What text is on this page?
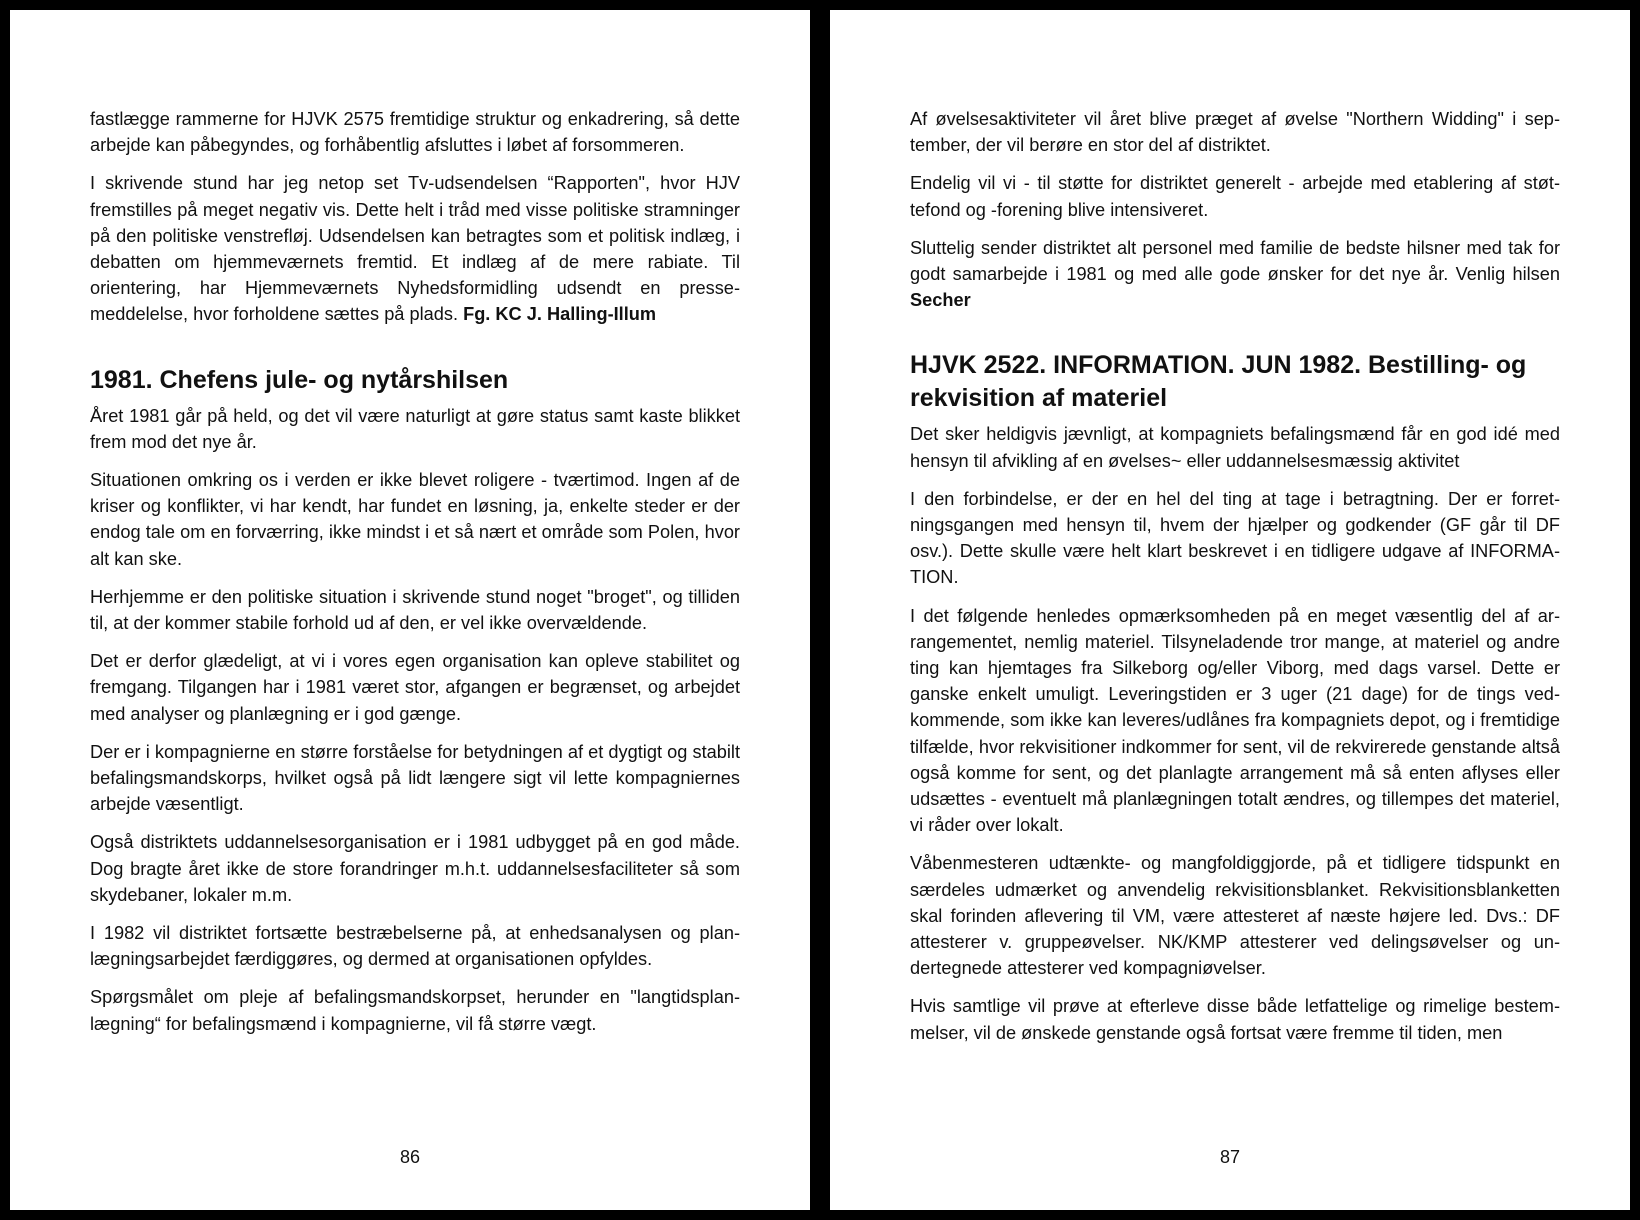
fastlægge rammerne for HJVK 2575 fremtidige struktur og enkadrering, så dette arbejde kan påbegyndes, og forhåbentlig afsluttes i løbet af forsommeren.

I skrivende stund har jeg netop set Tv-udsendelsen “Rapporten", hvor HJV fremstilles på meget negativ vis. Dette helt i tråd med visse politiske stramninger på den politiske venstrefløj. Udsendelsen kan betragtes som et politisk indlæg, i debatten om hjemmeværnets fremtid. Et indlæg af de mere rabiate. Til orientering, har Hjemmeværnets Nyhedsformidling udsendt en pressemeddelelse, hvor forholdene sættes på plads. Fg. KC J. Halling-Illum

1981. Chefens jule- og nytårshilsen

Året 1981 går på held, og det vil være naturligt at gøre status samt kaste blikket frem mod det nye år.

Situationen omkring os i verden er ikke blevet roligere - tværtimod. Ingen af de kriser og konflikter, vi har kendt, har fundet en løsning, ja, enkelte steder er der endog tale om en forværring, ikke mindst i et så nært et område som Polen, hvor alt kan ske.

Herhjemme er den politiske situation i skrivende stund noget "broget", og tilliden til, at der kommer stabile forhold ud af den, er vel ikke overvældende.

Det er derfor glædeligt, at vi i vores egen organisation kan opleve stabilitet og fremgang. Tilgangen har i 1981 været stor, afgangen er begrænset, og arbejdet med analyser og planlægning er i god gænge.

Der er i kompagnierne en større forståelse for betydningen af et dygtigt og stabilt befalingsmandskorps, hvilket også på lidt længere sigt vil lette kompagniernes arbejde væsentligt.

Også distriktets uddannelsesorganisation er i 1981 udbygget på en god måde. Dog bragte året ikke de store forandringer m.h.t. uddannelsesfaciliteter så som skydebaner, lokaler m.m.

I 1982 vil distriktet fortsætte bestræbelserne på, at enhedsanalysen og planlægningsarbejdet færdiggøres, og dermed at organisationen opfyldes.

Spørgsmålet om pleje af befalingsmandskorpset, herunder en "langtidsplanlægning“ for befalingsmænd i kompagnierne, vil få større vægt.

86

Af øvelsesaktiviteter vil året blive præget af øvelse "Northern Widding" i september, der vil berøre en stor del af distriktet.

Endelig vil vi - til støtte for distriktet generelt - arbejde med etablering af støttefond og -forening blive intensiveret.

Sluttelig sender distriktet alt personel med familie de bedste hilsner med tak for godt samarbejde i 1981 og med alle gode ønsker for det nye år. Venlig hilsen Secher

HJVK 2522. INFORMATION. JUN 1982. Bestilling- og rekvisition af materiel

Det sker heldigvis jævnligt, at kompagniets befalingsmænd får en god idé med hensyn til afvikling af en øvelses~ eller uddannelsesmæssig aktivitet

I den forbindelse, er der en hel del ting at tage i betragtning. Der er forretningsgangen med hensyn til, hvem der hjælper og godkender (GF går til DF osv.). Dette skulle være helt klart beskrevet i en tidligere udgave af INFORMATION.

I det følgende henledes opmærksomheden på en meget væsentlig del af arrangementet, nemlig materiel. Tilsyneladende tror mange, at materiel og andre ting kan hjemtages fra Silkeborg og/eller Viborg, med dags varsel. Dette er ganske enkelt umuligt. Leveringstiden er 3 uger (21 dage) for de tings vedkommende, som ikke kan leveres/udlånes fra kompagniets depot, og i fremtidige tilfælde, hvor rekvisitioner indkommer for sent, vil de rekvirerede genstande altså også komme for sent, og det planlagte arrangement må så enten aflyses eller udsættes - eventuelt må planlægningen totalt ændres, og tillempes det materiel, vi råder over lokalt.

Våbenmesteren udtænkte- og mangfoldiggjorde, på et tidligere tidspunkt en særdeles udmærket og anvendelig rekvisitionsblanket. Rekvisitionsblanketten skal forinden aflevering til VM, være attesteret af næste højere led. Dvs.: DF attesterer v. gruppeøvelser. NK/KMP attesterer ved delingsøvelser og undertegnede attesterer ved kompagniøvelser.

Hvis samtlige vil prøve at efterleve disse både letfattelige og rimelige bestemmelser, vil de ønskede genstande også fortsat være fremme til tiden, men

87
